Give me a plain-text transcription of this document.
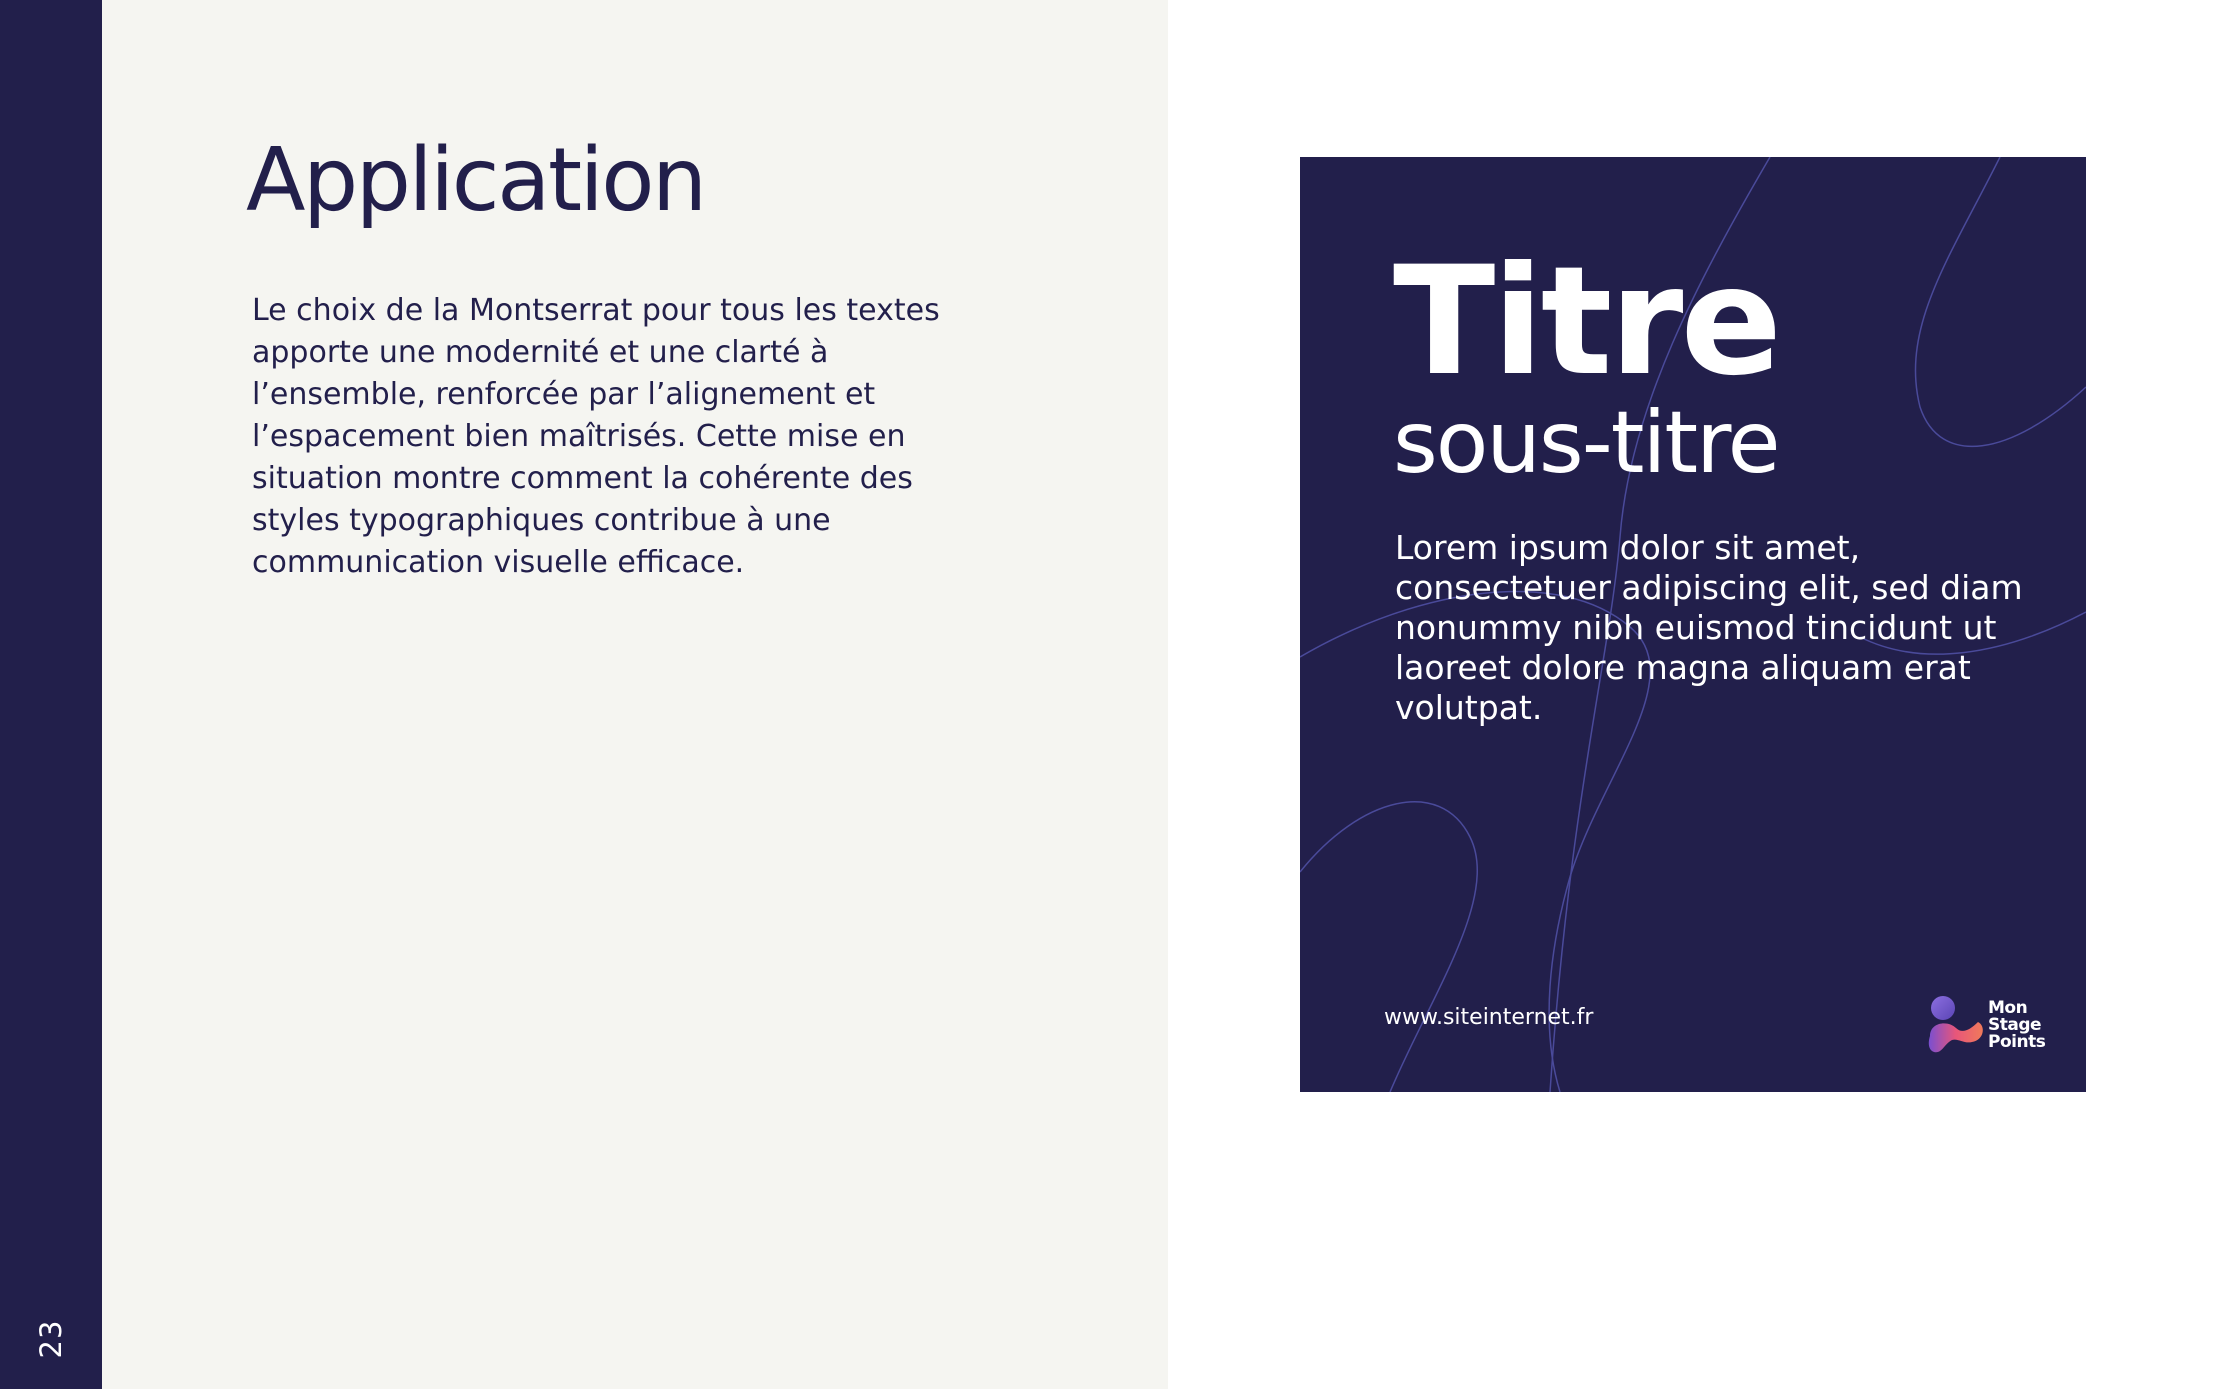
23
Application

Le choix de la Montserrat pour tous les textes apporte une modernité et une clarté à l’ensemble, renforcée par l’alignement et l’espacement bien maîtrisés. Cette mise en situation montre comment la cohérente des styles typographiques contribue à une communication visuelle efficace.

Titre
sous-titre

Lorem ipsum dolor sit amet, consectetuer adipiscing elit, sed diam nonummy nibh euismod tincidunt ut laoreet dolore magna aliquam erat volutpat.

www.siteinternet.fr	Mon
Stage
Points
